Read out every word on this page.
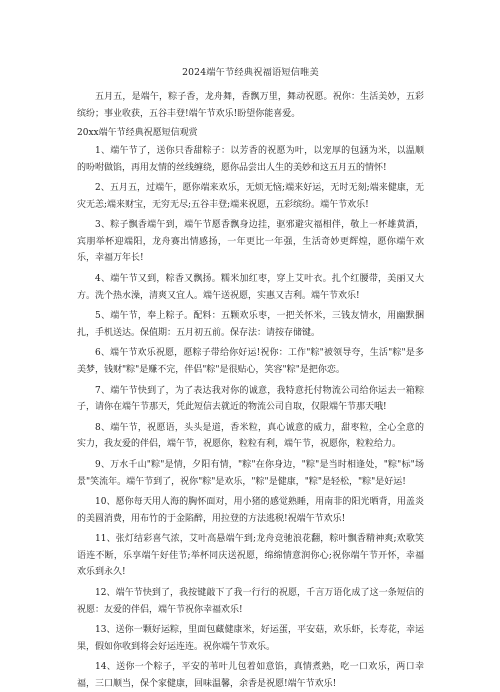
2024端午节经典祝福语短信唯美

五月五，是端午，粽子香，龙舟舞，香飘万里，舞动祝愿。祝你：生活美妙，五彩缤纷；事业收获，五谷丰登!端午节欢乐!盼望你能喜爱。

20xx端午节经典祝愿短信观赏

1、端午节了，送你只香甜粽子：以芳香的祝愿为叶，以宠厚的包涵为米，以温顺的吩咐做馅，再用友情的丝线缠绕，愿你品尝出人生的美妙和这五月五的情怀!

2、五月五，过端午，愿你端来欢乐，无烦无恼;端来好运，无时无刻;端来健康，无灾无恙;端来财宝，无穷无尽;五谷丰登;端来祝愿，五彩缤纷。端午节欢乐!

3、粽子飘香端午到，端午节愿香飘身边挂，驱邪避灾福相伴，敬上一杯雄黄酒，宾朋举杯迎端阳，龙舟赛出情感扬，一年更比一年强，生活奇妙更辉煌，愿你端午欢乐，幸福万年长!

4、端午节又到，粽香又飘扬。糯米加红枣，穿上艾叶衣。扎个红腰带，美丽又大方。洗个热水澡，清爽又宜人。端午送祝愿，实惠又吉利。端午节欢乐!

5、端午节，奉上粽子。配料：五颗欢乐枣，一把关怀米，三钱友情水，用幽默捆扎，手机送达。保值期：五月初五前。保存法：请按存储键。

6、端午节欢乐祝愿，愿粽子带给你好运!祝你：工作"粽"被领导夸，生活"粽"是多美梦，钱财"粽"是赚不完，伴侣"粽"是很贴心，笑容"粽"是把你恋。

7、端午节快到了，为了表达我对你的诚意，我特意托付物流公司给你运去一箱粽子，请你在端午节那天，凭此短信去就近的物流公司自取，仅限端午节那天哦!

8、端午节，祝愿语，头头是道，香米粒，真心诚意的威力，甜枣粒，全心全意的实力，我友爱的伴侣，端午节，祝愿你，粒粒有利，端午节，祝愿你，粒粒给力。

9、万水千山"粽"是情，夕阳有情，"粽"在你身边，"粽"是当时相逢处，"粽"标"场景"笑流年。端午节到了，祝你"粽"是欢乐，"粽"是健康，"粽"是轻松，"粽"是好运!

10、愿你每天用人海的胸怀面对，用小猪的感觉熟睡，用南非的阳光晒背，用盖炎的美圆消费，用布竹的于金陷醉，用拉登的方法逃税!祝端午节欢乐!

11、张灯结彩喜气浓，艾叶高悬端午到;龙舟竞驰浪花翻，粽叶飘香精神爽;欢歌笑语连不断，乐享端午好佳节;举杯同庆送祝愿，绵绵情意润你心;祝你端午节开怀，幸福欢乐到永久!

12、端午节快到了，我按键敲下了我一行行的祝愿，千言万语化成了这一条短信的祝愿：友爱的伴侣，端午节祝你幸福欢乐!

13、送你一颗好运粽，里面包藏健康米，好运蛋，平安菇，欢乐虾，长寿花，幸运果，假如你收到将会好运连连。祝你端午节欢乐。

14、送你一个粽子，平安的苇叶儿包着如意馅，真情煮熟，吃一口欢乐，两口幸福，三口顺当，保个家健康，回味温馨，余香是祝愿!端午节欢乐!
